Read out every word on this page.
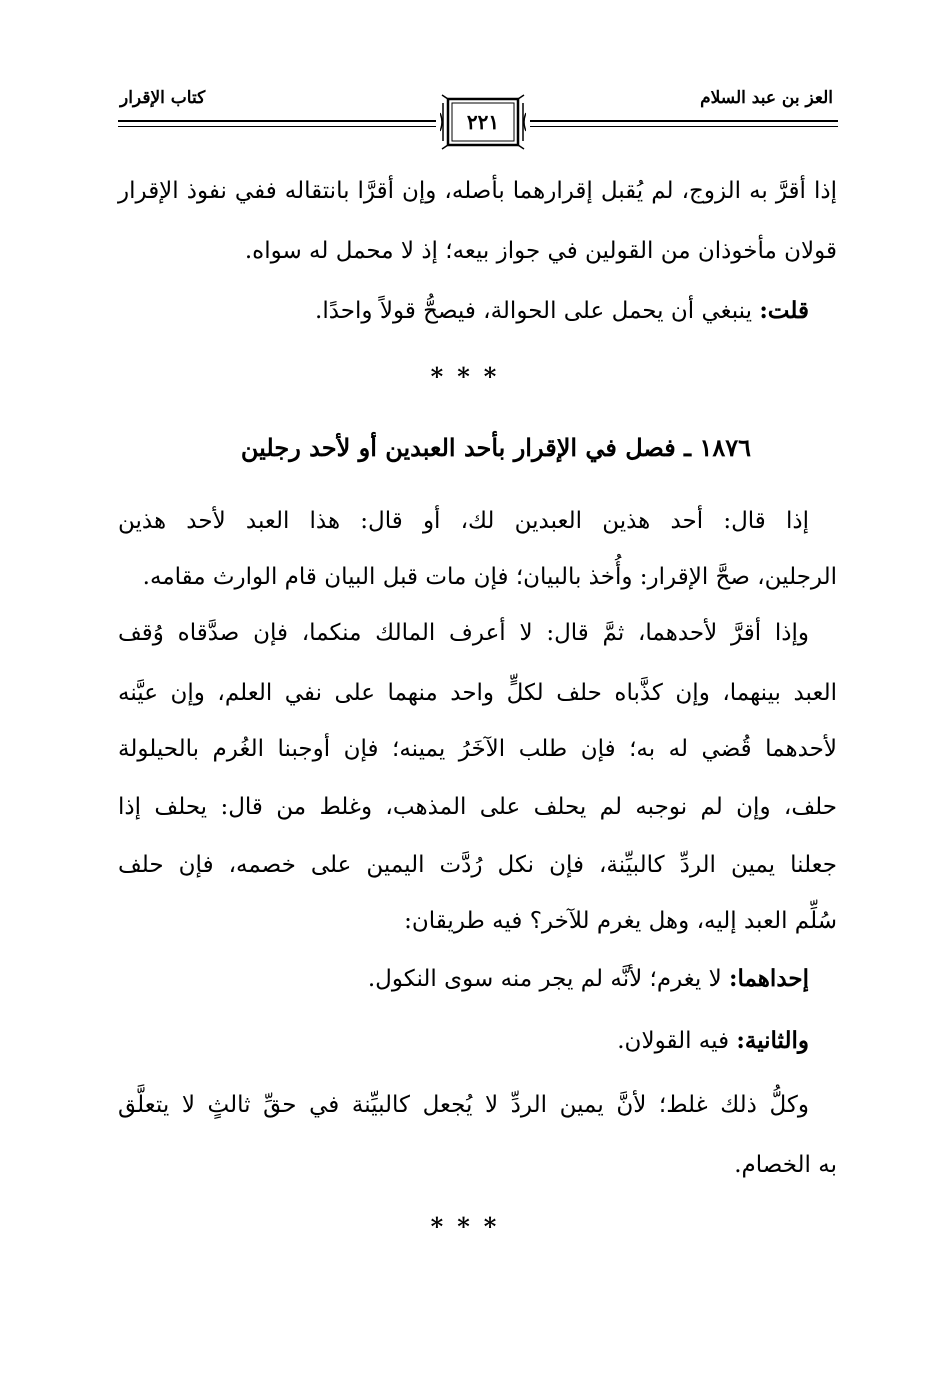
كتاب الإقرار	العز بن عبد السلام
٢٢١
إذا أقرَّ به الزوج، لم يُقبل إقرارهما بأصله، وإن أقرَّا بانتقاله ففي نفوذ الإقرار
قولان مأخوذان من القولين في جواز بيعه؛ إذ لا محمل له سواه.
قلت: ينبغي أن يحمل على الحوالة، فيصحُّ قولاً واحدًا.
***
١٨٧٦ ـ فصل في الإقرار بأحد العبدين أو لأحد رجلين
إذا قال: أحد هذين العبدين لك، أو قال: هذا العبد لأحد هذين
الرجلين، صحَّ الإقرار: وأُخذ بالبيان؛ فإن مات قبل البيان قام الوارث مقامه.
وإذا أقرَّ لأحدهما، ثمَّ قال: لا أعرف المالك منكما، فإن صدَّقاه وُقف
العبد بينهما، وإن كذَّباه حلف لكلٍّ واحد منهما على نفي العلم، وإن عيَّنه
لأحدهما قُضي له به؛ فإن طلب الآخَرُ يمينه؛ فإن أوجبنا الغُرم بالحيلولة
حلف، وإن لم نوجبه لم يحلف على المذهب، وغلط من قال: يحلف إذا
جعلنا يمين الردِّ كالبيِّنة، فإن نكل رُدَّت اليمين على خصمه، فإن حلف
سُلِّم العبد إليه، وهل يغرم للآخر؟ فيه طريقان:
إحداهما: لا يغرم؛ لأنَّه لم يجر منه سوى النكول.
والثانية: فيه القولان.
وكلُّ ذلك غلط؛ لأنَّ يمين الردِّ لا يُجعل كالبيِّنة في حقِّ ثالثٍ لا يتعلَّق
به الخصام.
***
